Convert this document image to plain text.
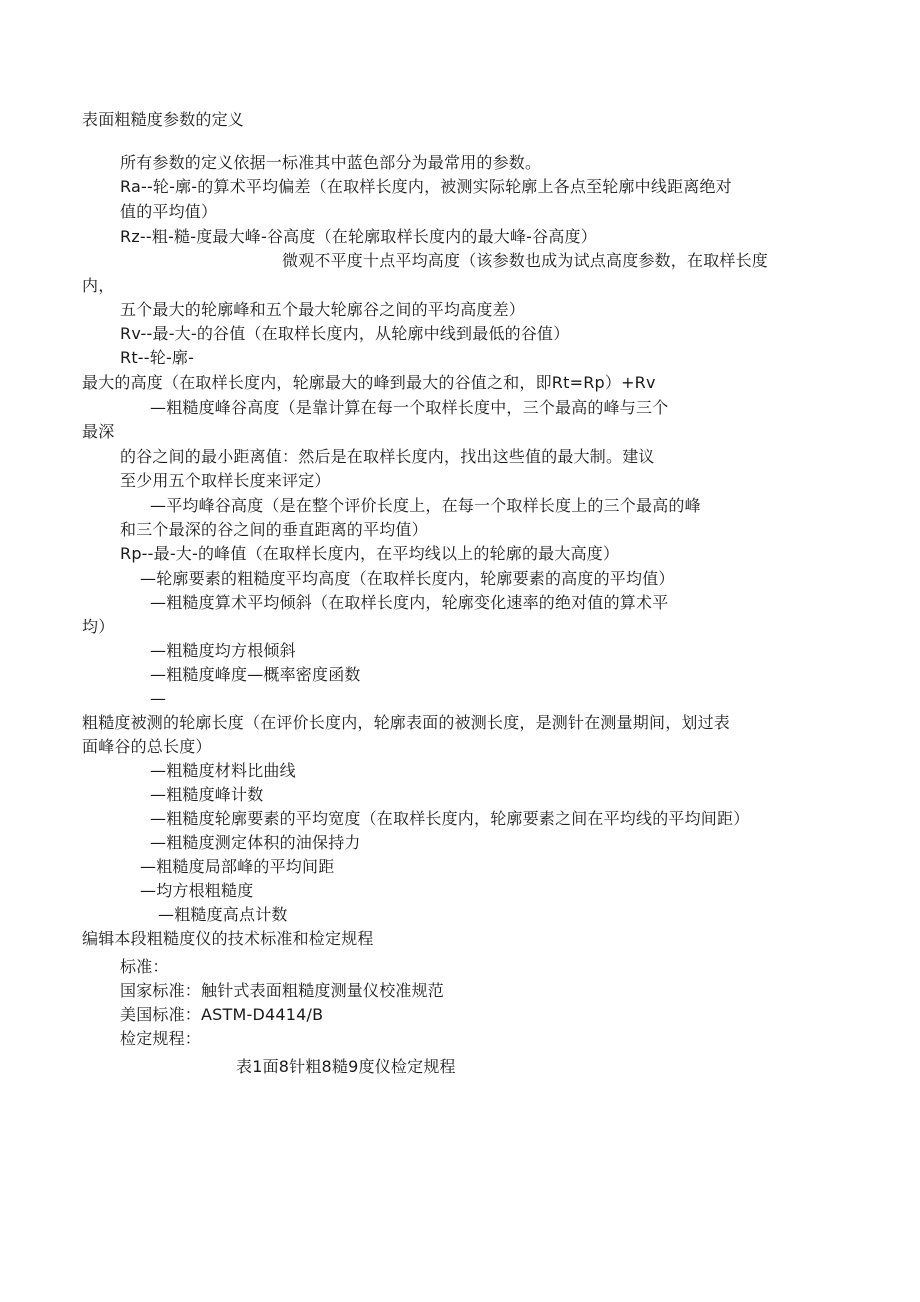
表面粗糙度参数的定义
所有参数的定义依据一标准其中蓝色部分为最常用的参数。
Ra--轮-廓-的算术平均偏差（在取样长度内，被测实际轮廓上各点至轮廓中线距离绝对
值的平均值）
Rz--粗-糙-度最大峰-谷高度（在轮廓取样长度内的最大峰-谷高度）
微观不平度十点平均高度（该参数也成为试点高度参数，在取样长度
内，
五个最大的轮廓峰和五个最大轮廓谷之间的平均高度差）
Rv--最-大-的谷值（在取样长度内，从轮廓中线到最低的谷值）
Rt--轮-廓-
最大的高度（在取样长度内，轮廓最大的峰到最大的谷值之和，即Rt=Rp）+Rv
—粗糙度峰谷高度（是靠计算在每一个取样长度中，三个最高的峰与三个
最深
的谷之间的最小距离值：然后是在取样长度内，找出这些值的最大制。建议
至少用五个取样长度来评定）
—平均峰谷高度（是在整个评价长度上，在每一个取样长度上的三个最高的峰
和三个最深的谷之间的垂直距离的平均值）
Rp--最-大-的峰值（在取样长度内，在平均线以上的轮廓的最大高度）
—轮廓要素的粗糙度平均高度（在取样长度内，轮廓要素的高度的平均值）
—粗糙度算术平均倾斜（在取样长度内，轮廓变化速率的绝对值的算术平
均）
—粗糙度均方根倾斜
—粗糙度峰度—概率密度函数
—
粗糙度被测的轮廓长度（在评价长度内，轮廓表面的被测长度，是测针在测量期间，划过表
面峰谷的总长度）
—粗糙度材料比曲线
—粗糙度峰计数
—粗糙度轮廓要素的平均宽度（在取样长度内，轮廓要素之间在平均线的平均间距）
—粗糙度测定体积的油保持力
—粗糙度局部峰的平均间距
—均方根粗糙度
—粗糙度高点计数
编辑本段粗糙度仪的技术标准和检定规程
标准：
国家标准：触针式表面粗糙度测量仪校准规范
美国标准：ASTM-D4414/B
检定规程：
表1面8针粗8糙9度仪检定规程
